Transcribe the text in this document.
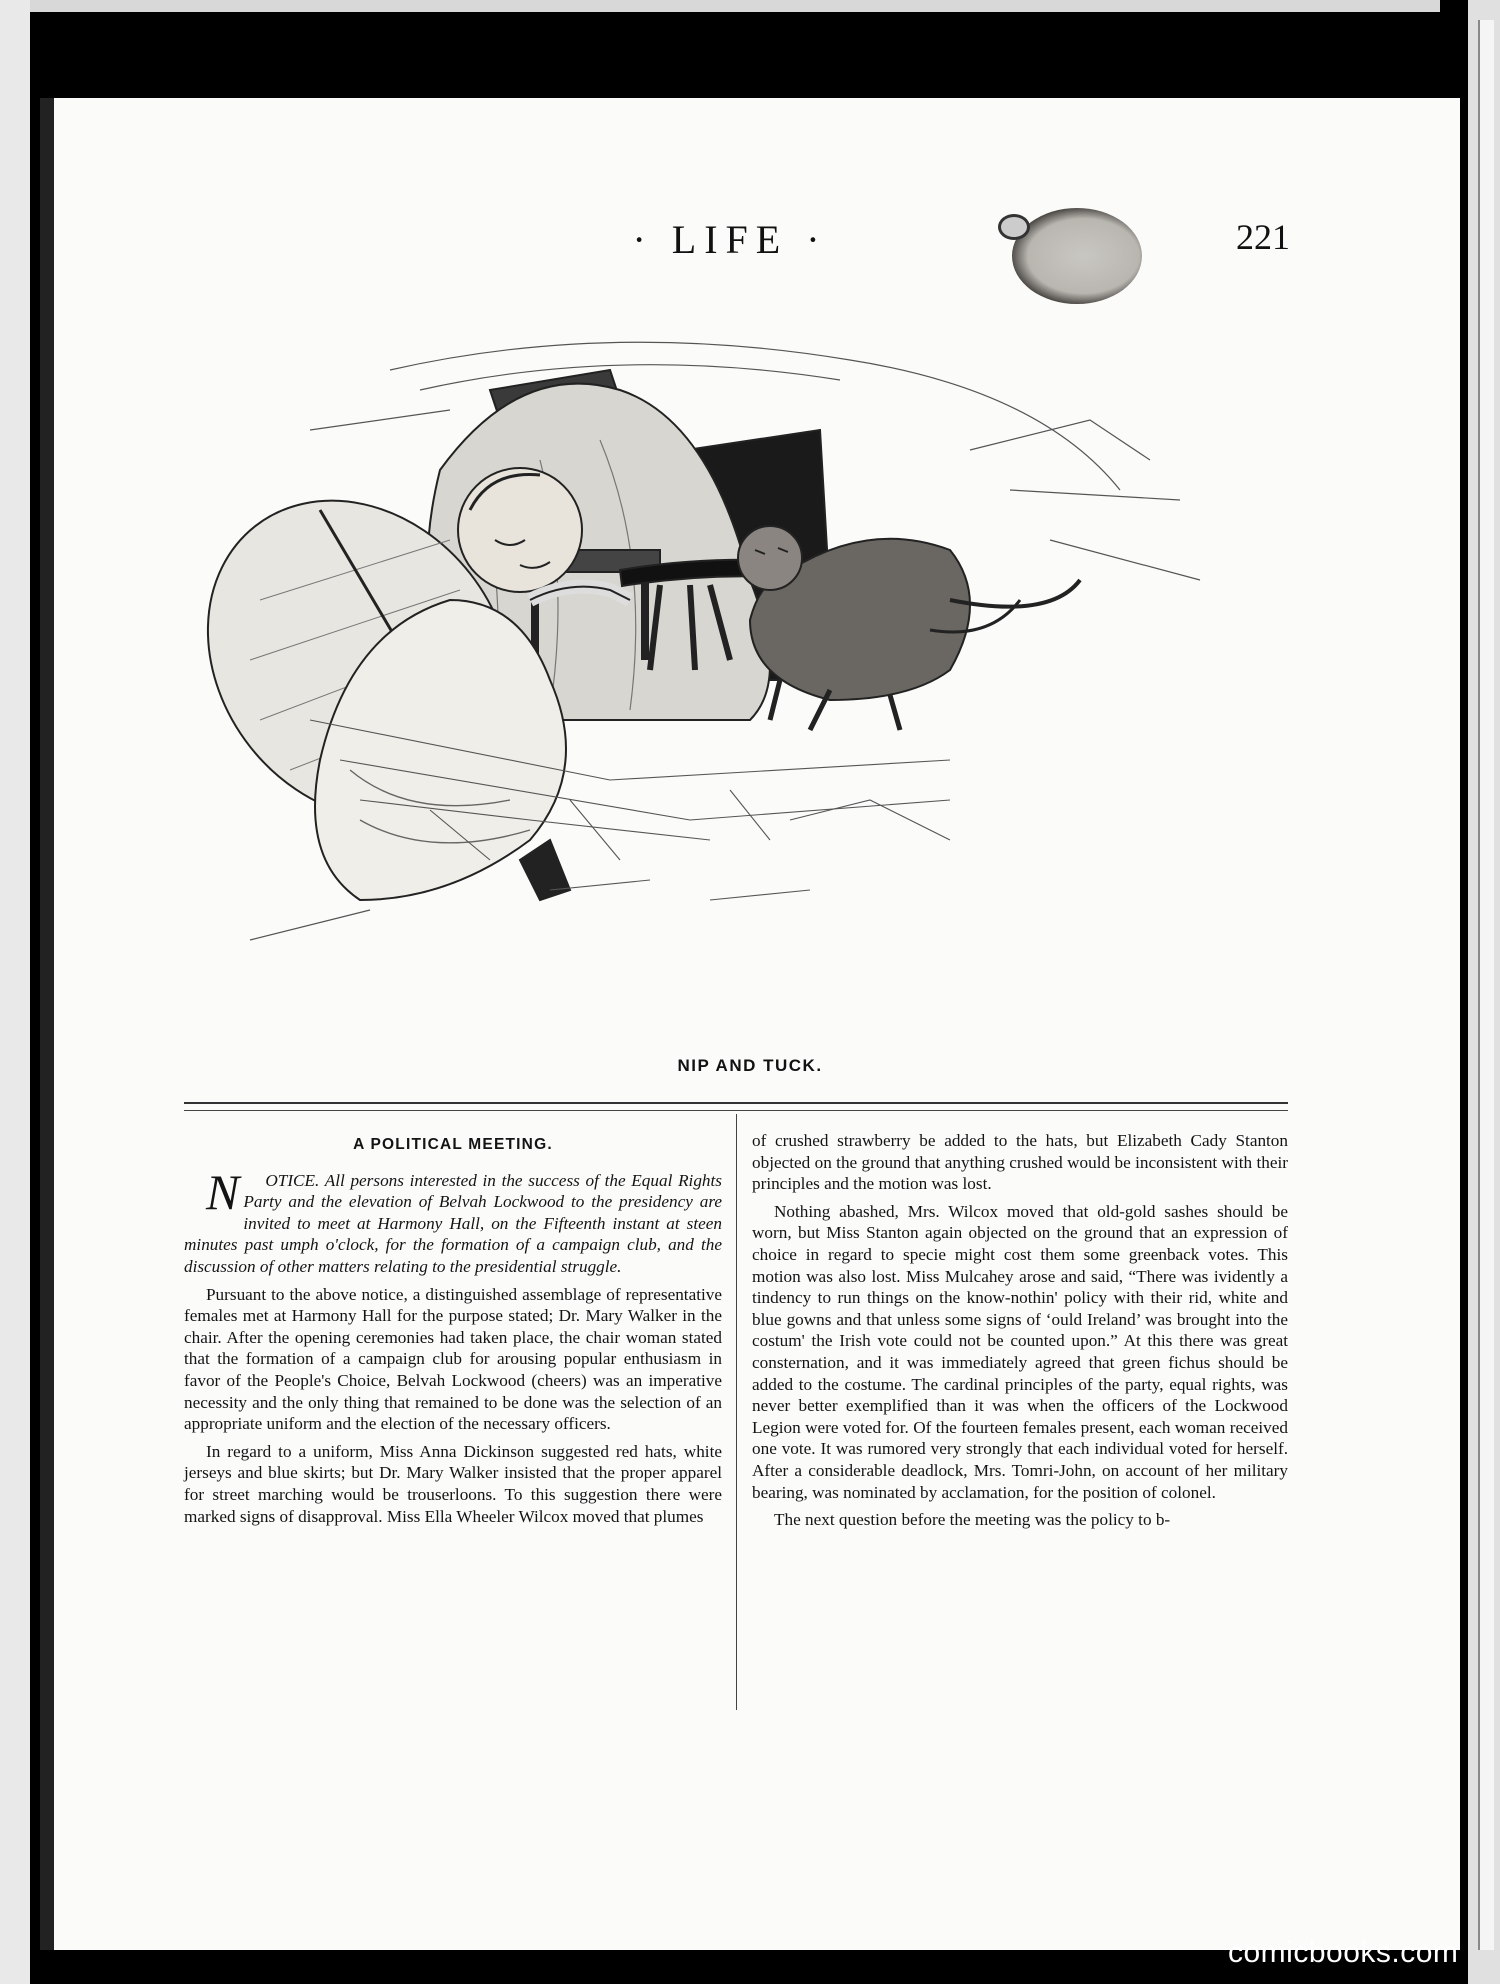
· LIFE ·	221
NIP AND TUCK.
A POLITICAL MEETING.

N OTICE. All persons interested in the success of the Equal Rights Party and the elevation of Belvah Lockwood to the presidency are invited to meet at Harmony Hall, on the Fifteenth instant at steen minutes past umph o'clock, for the formation of a campaign club, and the discussion of other matters relating to the presidential struggle.

Pursuant to the above notice, a distinguished assemblage of representative females met at Harmony Hall for the purpose stated; Dr. Mary Walker in the chair. After the opening ceremonies had taken place, the chair woman stated that the formation of a campaign club for arousing popular enthusiasm in favor of the People's Choice, Belvah Lockwood (cheers) was an imperative necessity and the only thing that remained to be done was the selection of an appropriate uniform and the election of the necessary officers.

In regard to a uniform, Miss Anna Dickinson suggested red hats, white jerseys and blue skirts; but Dr. Mary Walker insisted that the proper apparel for street marching would be trouserloons. To this suggestion there were marked signs of disapproval. Miss Ella Wheeler Wilcox moved that plumes

of crushed strawberry be added to the hats, but Elizabeth Cady Stanton objected on the ground that anything crushed would be inconsistent with their principles and the motion was lost.

Nothing abashed, Mrs. Wilcox moved that old-gold sashes should be worn, but Miss Stanton again objected on the ground that an expression of choice in regard to specie might cost them some greenback votes. This motion was also lost. Miss Mulcahey arose and said, “There was ividently a tindency to run things on the know-nothin' policy with their rid, white and blue gowns and that unless some signs of ‘ould Ireland’ was brought into the costum' the Irish vote could not be counted upon.” At this there was great consternation, and it was immediately agreed that green fichus should be added to the costume. The cardinal principles of the party, equal rights, was never better exemplified than it was when the officers of the Lockwood Legion were voted for. Of the fourteen females present, each woman received one vote. It was rumored very strongly that each individual voted for herself. After a considerable deadlock, Mrs. Tomri-John, on account of her military bearing, was nominated by acclamation, for the position of colonel.

The next question before the meeting was the policy to b-

comicbooks.com
